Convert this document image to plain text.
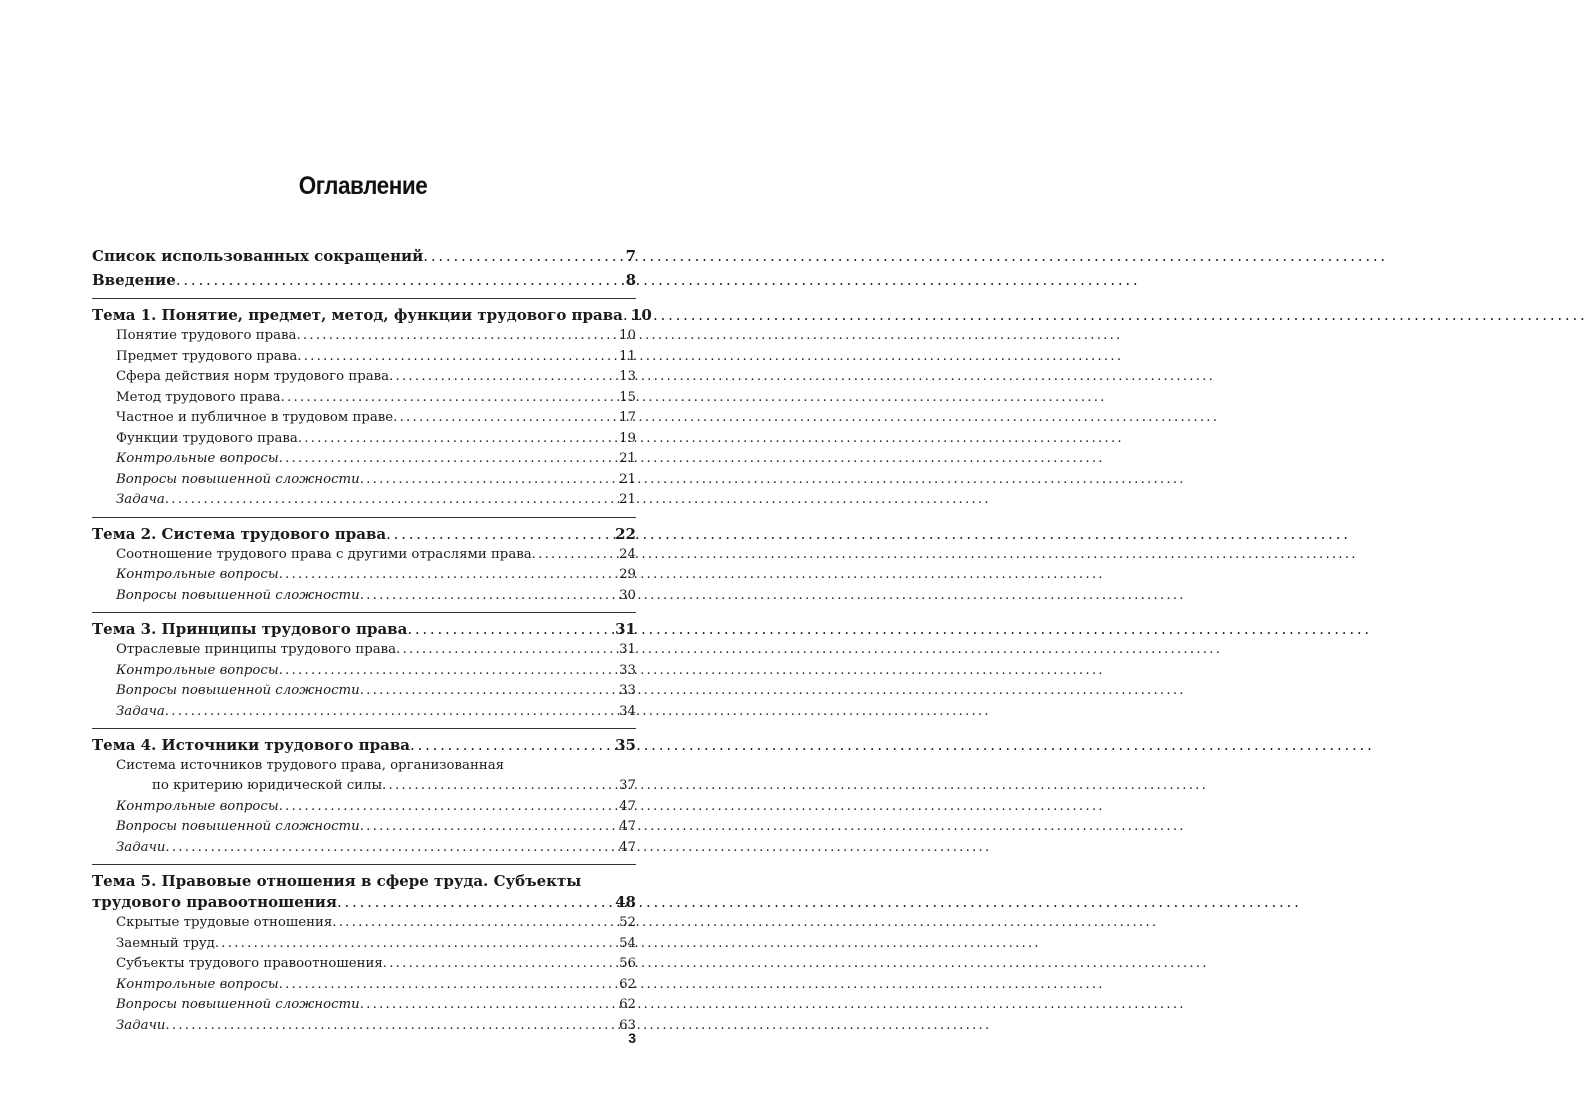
Оглавление
Список использованных сокращений . . .	7
Введение . . .	8
Тема 1. Понятие, предмет, метод, функции трудового права . . . 10
Понятие трудового права . . .	10
Предмет трудового права . . .	11
Сфера действия норм трудового права . . .	13
Метод трудового права . . .	15
Частное и публичное в трудовом праве . . .	17
Функции трудового права . . .	19
Контрольные вопросы . . .	21
Вопросы повышенной сложности . . .	21
Задача . . .	21
Тема 2. Система трудового права . . .	22
Соотношение трудового права с другими отраслями права . . .	24
Контрольные вопросы . . .	29
Вопросы повышенной сложности . . .	30
Тема 3. Принципы трудового права . . .	31
Отраслевые принципы трудового права . . .	31
Контрольные вопросы . . .	33
Вопросы повышенной сложности . . .	33
Задача . . .	34
Тема 4. Источники трудового права . . .	35
Система источников трудового права, организованная
по критерию юридической силы . . .	37
Контрольные вопросы . . .	47
Вопросы повышенной сложности . . .	47
Задачи . . .	47
Тема 5. Правовые отношения в сфере труда. Субъекты
трудового правоотношения . . .	48
Скрытые трудовые отношения . . .	52
Заемный труд . . .	54
Субъекты трудового правоотношения . . .	56
Контрольные вопросы . . .	62
Вопросы повышенной сложности . . .	62
Задачи . . .	63
3
